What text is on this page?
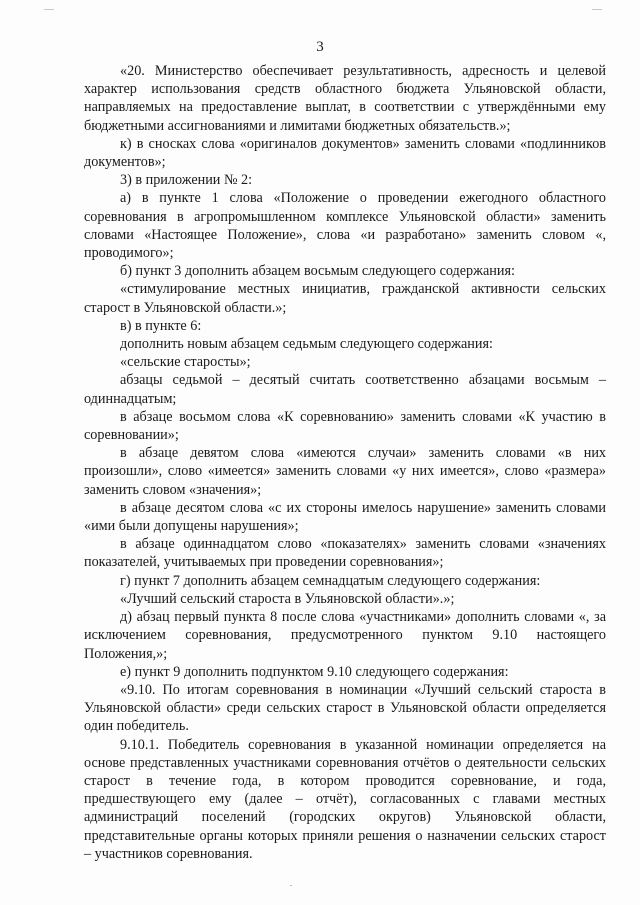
3

«20. Министерство обеспечивает результативность, адресность и целевой характер использования средств областного бюджета Ульяновской области, направляемых на предоставление выплат, в соответствии с утверждёнными ему бюджетными ассигнованиями и лимитами бюджетных обязательств.»;

к) в сносках слова «оригиналов документов» заменить словами «подлинников документов»;

3) в приложении № 2:

а) в пункте 1 слова «Положение о проведении ежегодного областного соревнования в агропромышленном комплексе Ульяновской области» заменить словами «Настоящее Положение», слова «и разработано» заменить словом «, проводимого»;

б) пункт 3 дополнить абзацем восьмым следующего содержания:

«стимулирование местных инициатив, гражданской активности сельских старост в Ульяновской области.»;

в) в пункте 6:

дополнить новым абзацем седьмым следующего содержания:

«сельские старосты»;

абзацы седьмой – десятый считать соответственно абзацами восьмым – одиннадцатым;

в абзаце восьмом слова «К соревнованию» заменить словами «К участию в соревновании»;

в абзаце девятом слова «имеются случаи» заменить словами «в них произошли», слово «имеется» заменить словами «у них имеется», слово «размера» заменить словом «значения»;

в абзаце десятом слова «с их стороны имелось нарушение» заменить словами «ими были допущены нарушения»;

в абзаце одиннадцатом слово «показателях» заменить словами «значениях показателей, учитываемых при проведении соревнования»;

г) пункт 7 дополнить абзацем семнадцатым следующего содержания:

«Лучший сельский староста в Ульяновской области».»;

д) абзац первый пункта 8 после слова «участниками» дополнить словами «, за исключением соревнования, предусмотренного пунктом 9.10 настоящего Положения,»;

е) пункт 9 дополнить подпунктом 9.10 следующего содержания:

«9.10. По итогам соревнования в номинации «Лучший сельский староста в Ульяновской области» среди сельских старост в Ульяновской области определяется один победитель.

9.10.1. Победитель соревнования в указанной номинации определяется на основе представленных участниками соревнования отчётов о деятельности сельских старост в течение года, в котором проводится соревнование, и года, предшествующего ему (далее – отчёт), согласованных с главами местных администраций поселений (городских округов) Ульяновской области, представительные органы которых приняли решения о назначении сельских старост – участников соревнования.
